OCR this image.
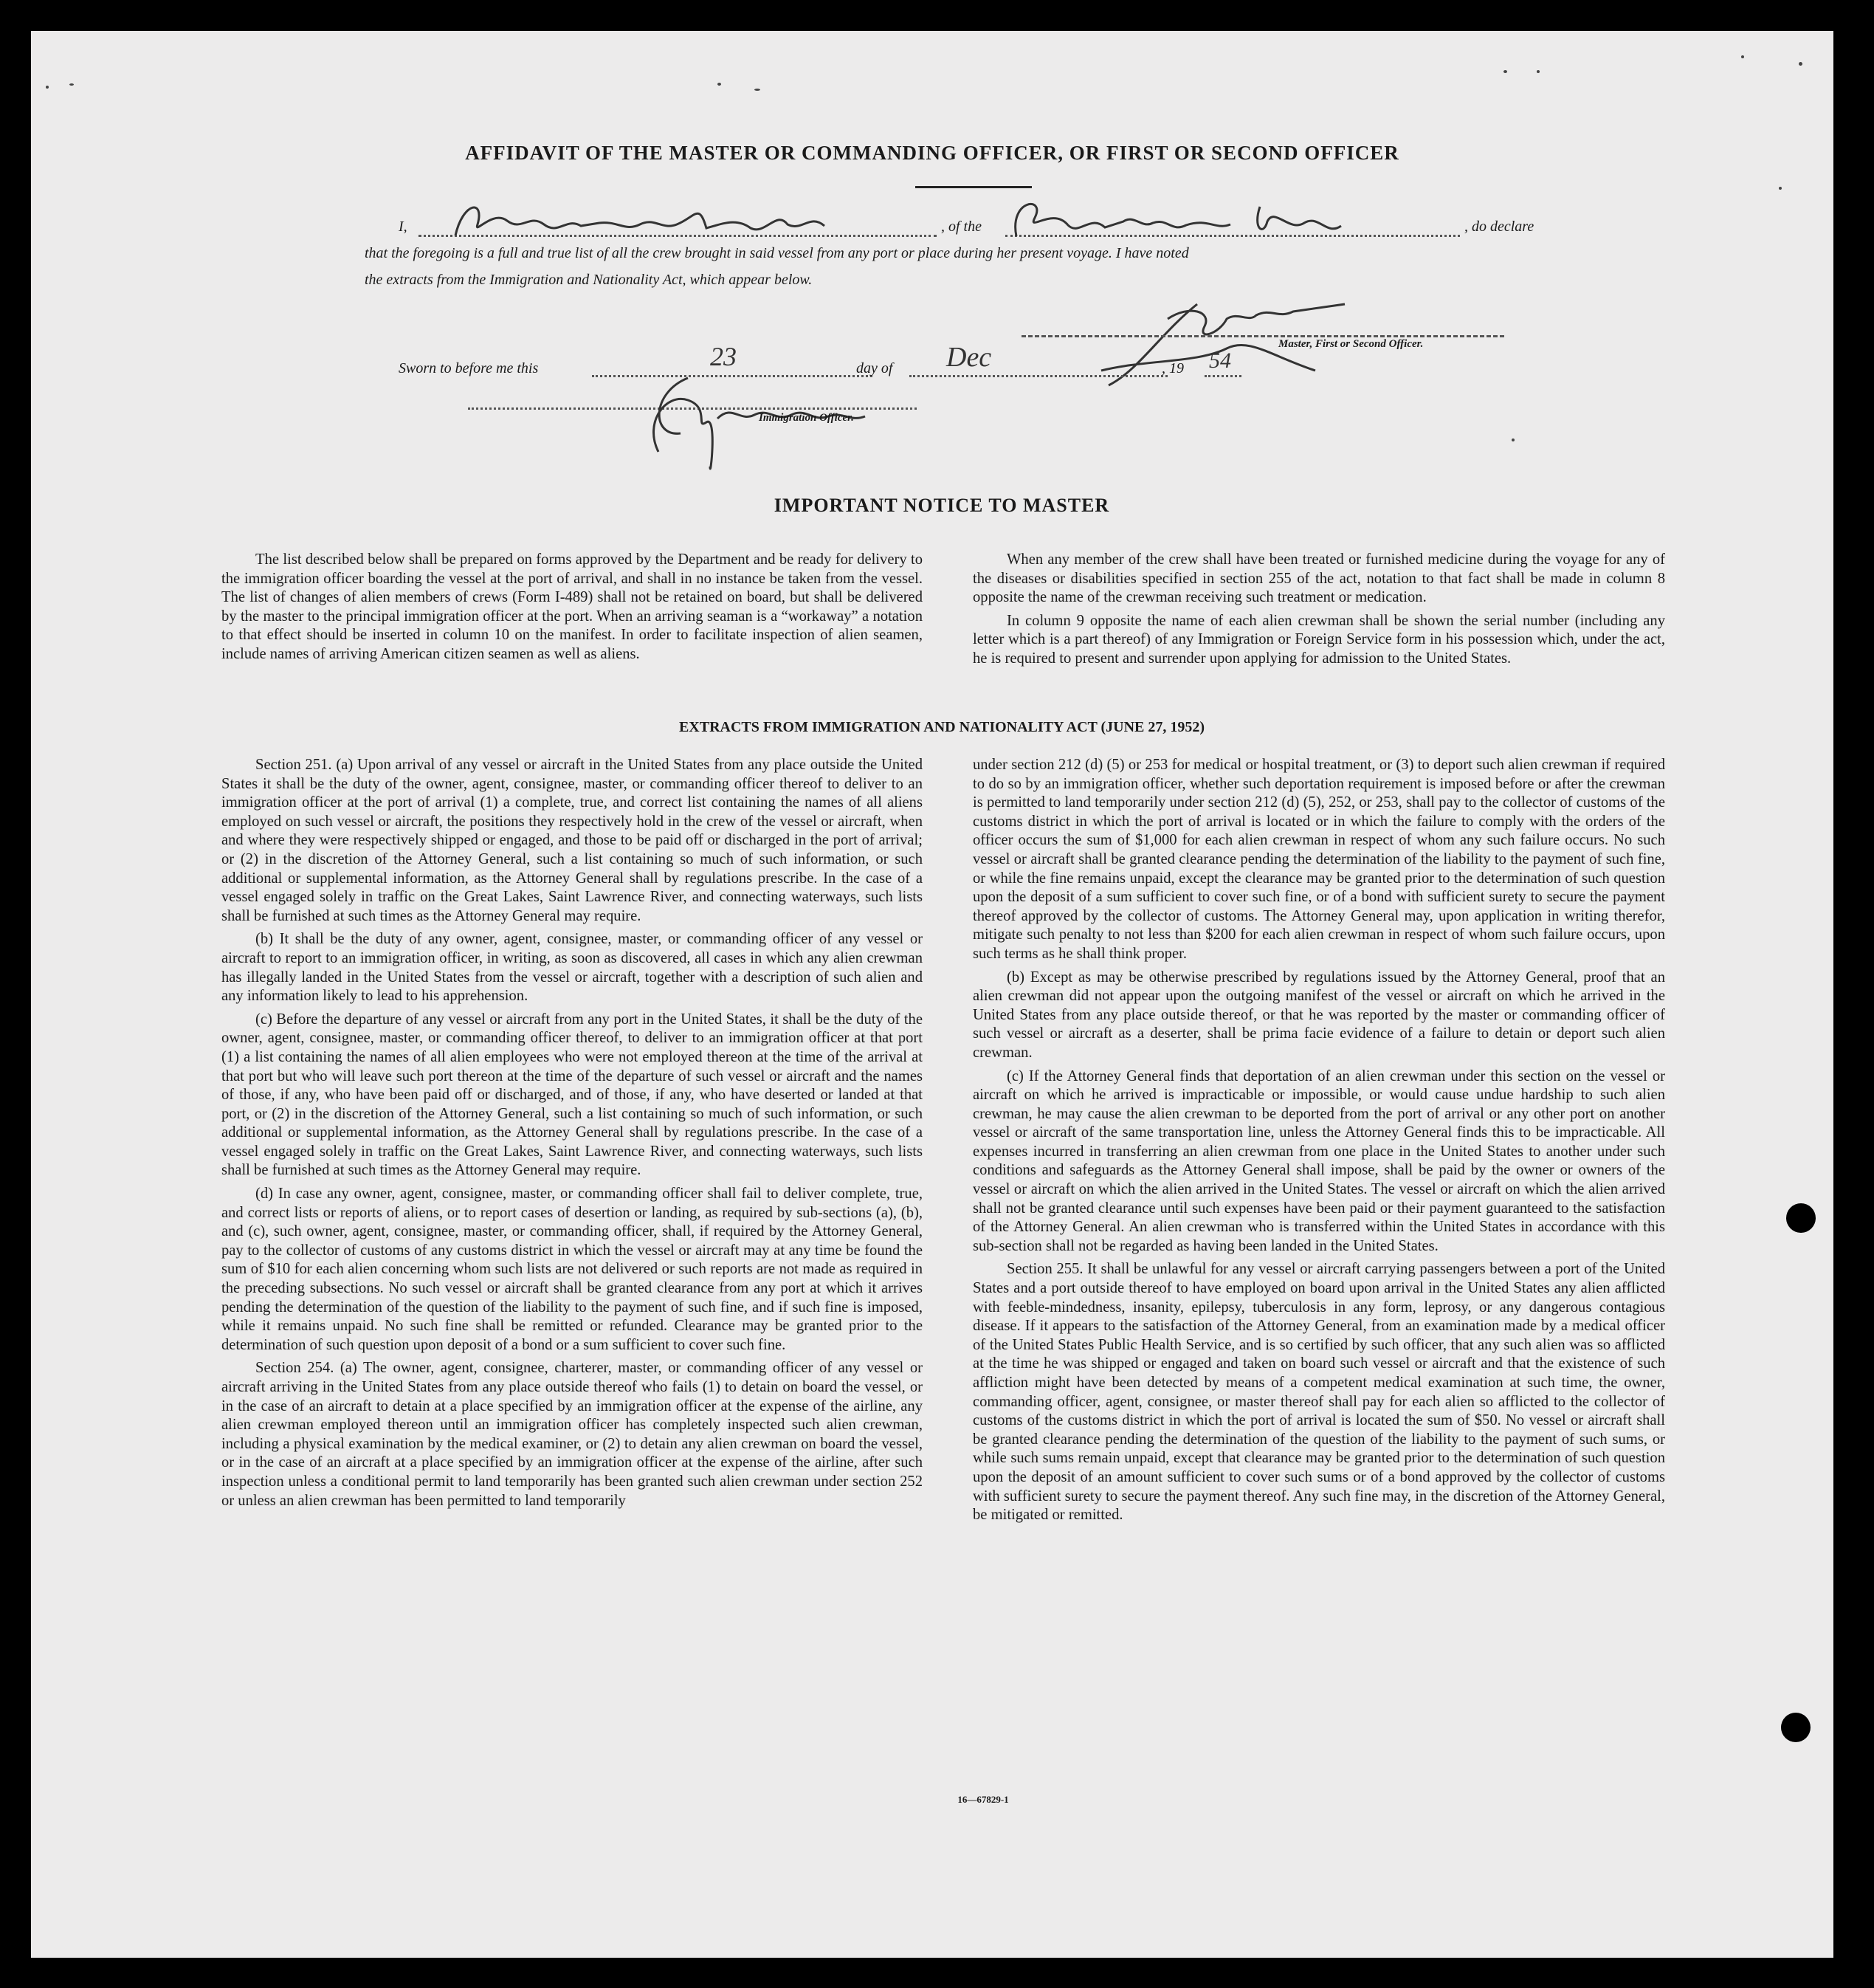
AFFIDAVIT OF THE MASTER OR COMMANDING OFFICER, OR FIRST OR SECOND OFFICER
I,	, of the	, do declare
that the foregoing is a full and true list of all the crew brought in said vessel from any port or place during her present voyage. I have noted
the extracts from the Immigration and Nationality Act, which appear below.
Master, First or Second Officer.
Sworn to before me this	23	day of Dec	, 19 54
Immigration Officer.
IMPORTANT NOTICE TO MASTER

The list described below shall be prepared on forms approved by the Department and be ready for delivery to the immigration officer boarding the vessel at the port of arrival, and shall in no instance be taken from the vessel. The list of changes of alien members of crews (Form I-489) shall not be retained on board, but shall be delivered by the master to the principal immigration officer at the port. When an arriving seaman is a “workaway” a notation to that effect should be inserted in column 10 on the manifest. In order to facilitate inspection of alien seamen, include names of arriving American citizen seamen as well as aliens.

When any member of the crew shall have been treated or furnished medicine during the voyage for any of the diseases or disabilities specified in section 255 of the act, notation to that fact shall be made in column 8 opposite the name of the crewman receiving such treatment or medication.

In column 9 opposite the name of each alien crewman shall be shown the serial number (including any letter which is a part thereof) of any Immigration or Foreign Service form in his possession which, under the act, he is required to present and surrender upon applying for admission to the United States.

EXTRACTS FROM IMMIGRATION AND NATIONALITY ACT (JUNE 27, 1952)

Section 251. (a) Upon arrival of any vessel or aircraft in the United States from any place outside the United States it shall be the duty of the owner, agent, consignee, master, or commanding officer thereof to deliver to an immigration officer at the port of arrival (1) a complete, true, and correct list containing the names of all aliens employed on such vessel or aircraft, the positions they respectively hold in the crew of the vessel or aircraft, when and where they were respectively shipped or engaged, and those to be paid off or discharged in the port of arrival; or (2) in the discretion of the Attorney General, such a list containing so much of such information, or such additional or supplemental information, as the Attorney General shall by regulations prescribe. In the case of a vessel engaged solely in traffic on the Great Lakes, Saint Lawrence River, and connecting waterways, such lists shall be furnished at such times as the Attorney General may require.

(b) It shall be the duty of any owner, agent, consignee, master, or commanding officer of any vessel or aircraft to report to an immigration officer, in writing, as soon as discovered, all cases in which any alien crewman has illegally landed in the United States from the vessel or aircraft, together with a description of such alien and any information likely to lead to his apprehension.

(c) Before the departure of any vessel or aircraft from any port in the United States, it shall be the duty of the owner, agent, consignee, master, or commanding officer thereof, to deliver to an immigration officer at that port (1) a list containing the names of all alien employees who were not employed thereon at the time of the arrival at that port but who will leave such port thereon at the time of the departure of such vessel or aircraft and the names of those, if any, who have been paid off or discharged, and of those, if any, who have deserted or landed at that port, or (2) in the discretion of the Attorney General, such a list containing so much of such information, or such additional or supplemental information, as the Attorney General shall by regulations prescribe. In the case of a vessel engaged solely in traffic on the Great Lakes, Saint Lawrence River, and connecting waterways, such lists shall be furnished at such times as the Attorney General may require.

(d) In case any owner, agent, consignee, master, or commanding officer shall fail to deliver complete, true, and correct lists or reports of aliens, or to report cases of desertion or landing, as required by sub-sections (a), (b), and (c), such owner, agent, consignee, master, or commanding officer, shall, if required by the Attorney General, pay to the collector of customs of any customs district in which the vessel or aircraft may at any time be found the sum of $10 for each alien concerning whom such lists are not delivered or such reports are not made as required in the preceding subsections. No such vessel or aircraft shall be granted clearance from any port at which it arrives pending the determination of the question of the liability to the payment of such fine, and if such fine is imposed, while it remains unpaid. No such fine shall be remitted or refunded. Clearance may be granted prior to the determination of such question upon deposit of a bond or a sum sufficient to cover such fine.

Section 254. (a) The owner, agent, consignee, charterer, master, or commanding officer of any vessel or aircraft arriving in the United States from any place outside thereof who fails (1) to detain on board the vessel, or in the case of an aircraft to detain at a place specified by an immigration officer at the expense of the airline, any alien crewman employed thereon until an immigration officer has completely inspected such alien crewman, including a physical examination by the medical examiner, or (2) to detain any alien crewman on board the vessel, or in the case of an aircraft at a place specified by an immigration officer at the expense of the airline, after such inspection unless a conditional permit to land temporarily has been granted such alien crewman under section 252 or unless an alien crewman has been permitted to land temporarily

under section 212 (d) (5) or 253 for medical or hospital treatment, or (3) to deport such alien crewman if required to do so by an immigration officer, whether such deportation requirement is imposed before or after the crewman is permitted to land temporarily under section 212 (d) (5), 252, or 253, shall pay to the collector of customs of the customs district in which the port of arrival is located or in which the failure to comply with the orders of the officer occurs the sum of $1,000 for each alien crewman in respect of whom any such failure occurs. No such vessel or aircraft shall be granted clearance pending the determination of the liability to the payment of such fine, or while the fine remains unpaid, except the clearance may be granted prior to the determination of such question upon the deposit of a sum sufficient to cover such fine, or of a bond with sufficient surety to secure the payment thereof approved by the collector of customs. The Attorney General may, upon application in writing therefor, mitigate such penalty to not less than $200 for each alien crewman in respect of whom such failure occurs, upon such terms as he shall think proper.

(b) Except as may be otherwise prescribed by regulations issued by the Attorney General, proof that an alien crewman did not appear upon the outgoing manifest of the vessel or aircraft on which he arrived in the United States from any place outside thereof, or that he was reported by the master or commanding officer of such vessel or aircraft as a deserter, shall be prima facie evidence of a failure to detain or deport such alien crewman.

(c) If the Attorney General finds that deportation of an alien crewman under this section on the vessel or aircraft on which he arrived is impracticable or impossible, or would cause undue hardship to such alien crewman, he may cause the alien crewman to be deported from the port of arrival or any other port on another vessel or aircraft of the same transportation line, unless the Attorney General finds this to be impracticable. All expenses incurred in transferring an alien crewman from one place in the United States to another under such conditions and safeguards as the Attorney General shall impose, shall be paid by the owner or owners of the vessel or aircraft on which the alien arrived in the United States. The vessel or aircraft on which the alien arrived shall not be granted clearance until such expenses have been paid or their payment guaranteed to the satisfaction of the Attorney General. An alien crewman who is transferred within the United States in accordance with this sub-section shall not be regarded as having been landed in the United States.

Section 255. It shall be unlawful for any vessel or aircraft carrying passengers between a port of the United States and a port outside thereof to have employed on board upon arrival in the United States any alien afflicted with feeble-mindedness, insanity, epilepsy, tuberculosis in any form, leprosy, or any dangerous contagious disease. If it appears to the satisfaction of the Attorney General, from an examination made by a medical officer of the United States Public Health Service, and is so certified by such officer, that any such alien was so afflicted at the time he was shipped or engaged and taken on board such vessel or aircraft and that the existence of such affliction might have been detected by means of a competent medical examination at such time, the owner, commanding officer, agent, consignee, or master thereof shall pay for each alien so afflicted to the collector of customs of the customs district in which the port of arrival is located the sum of $50. No vessel or aircraft shall be granted clearance pending the determination of the question of the liability to the payment of such sums, or while such sums remain unpaid, except that clearance may be granted prior to the determination of such question upon the deposit of an amount sufficient to cover such sums or of a bond approved by the collector of customs with sufficient surety to secure the payment thereof. Any such fine may, in the discretion of the Attorney General, be mitigated or remitted.

16—67829-1
